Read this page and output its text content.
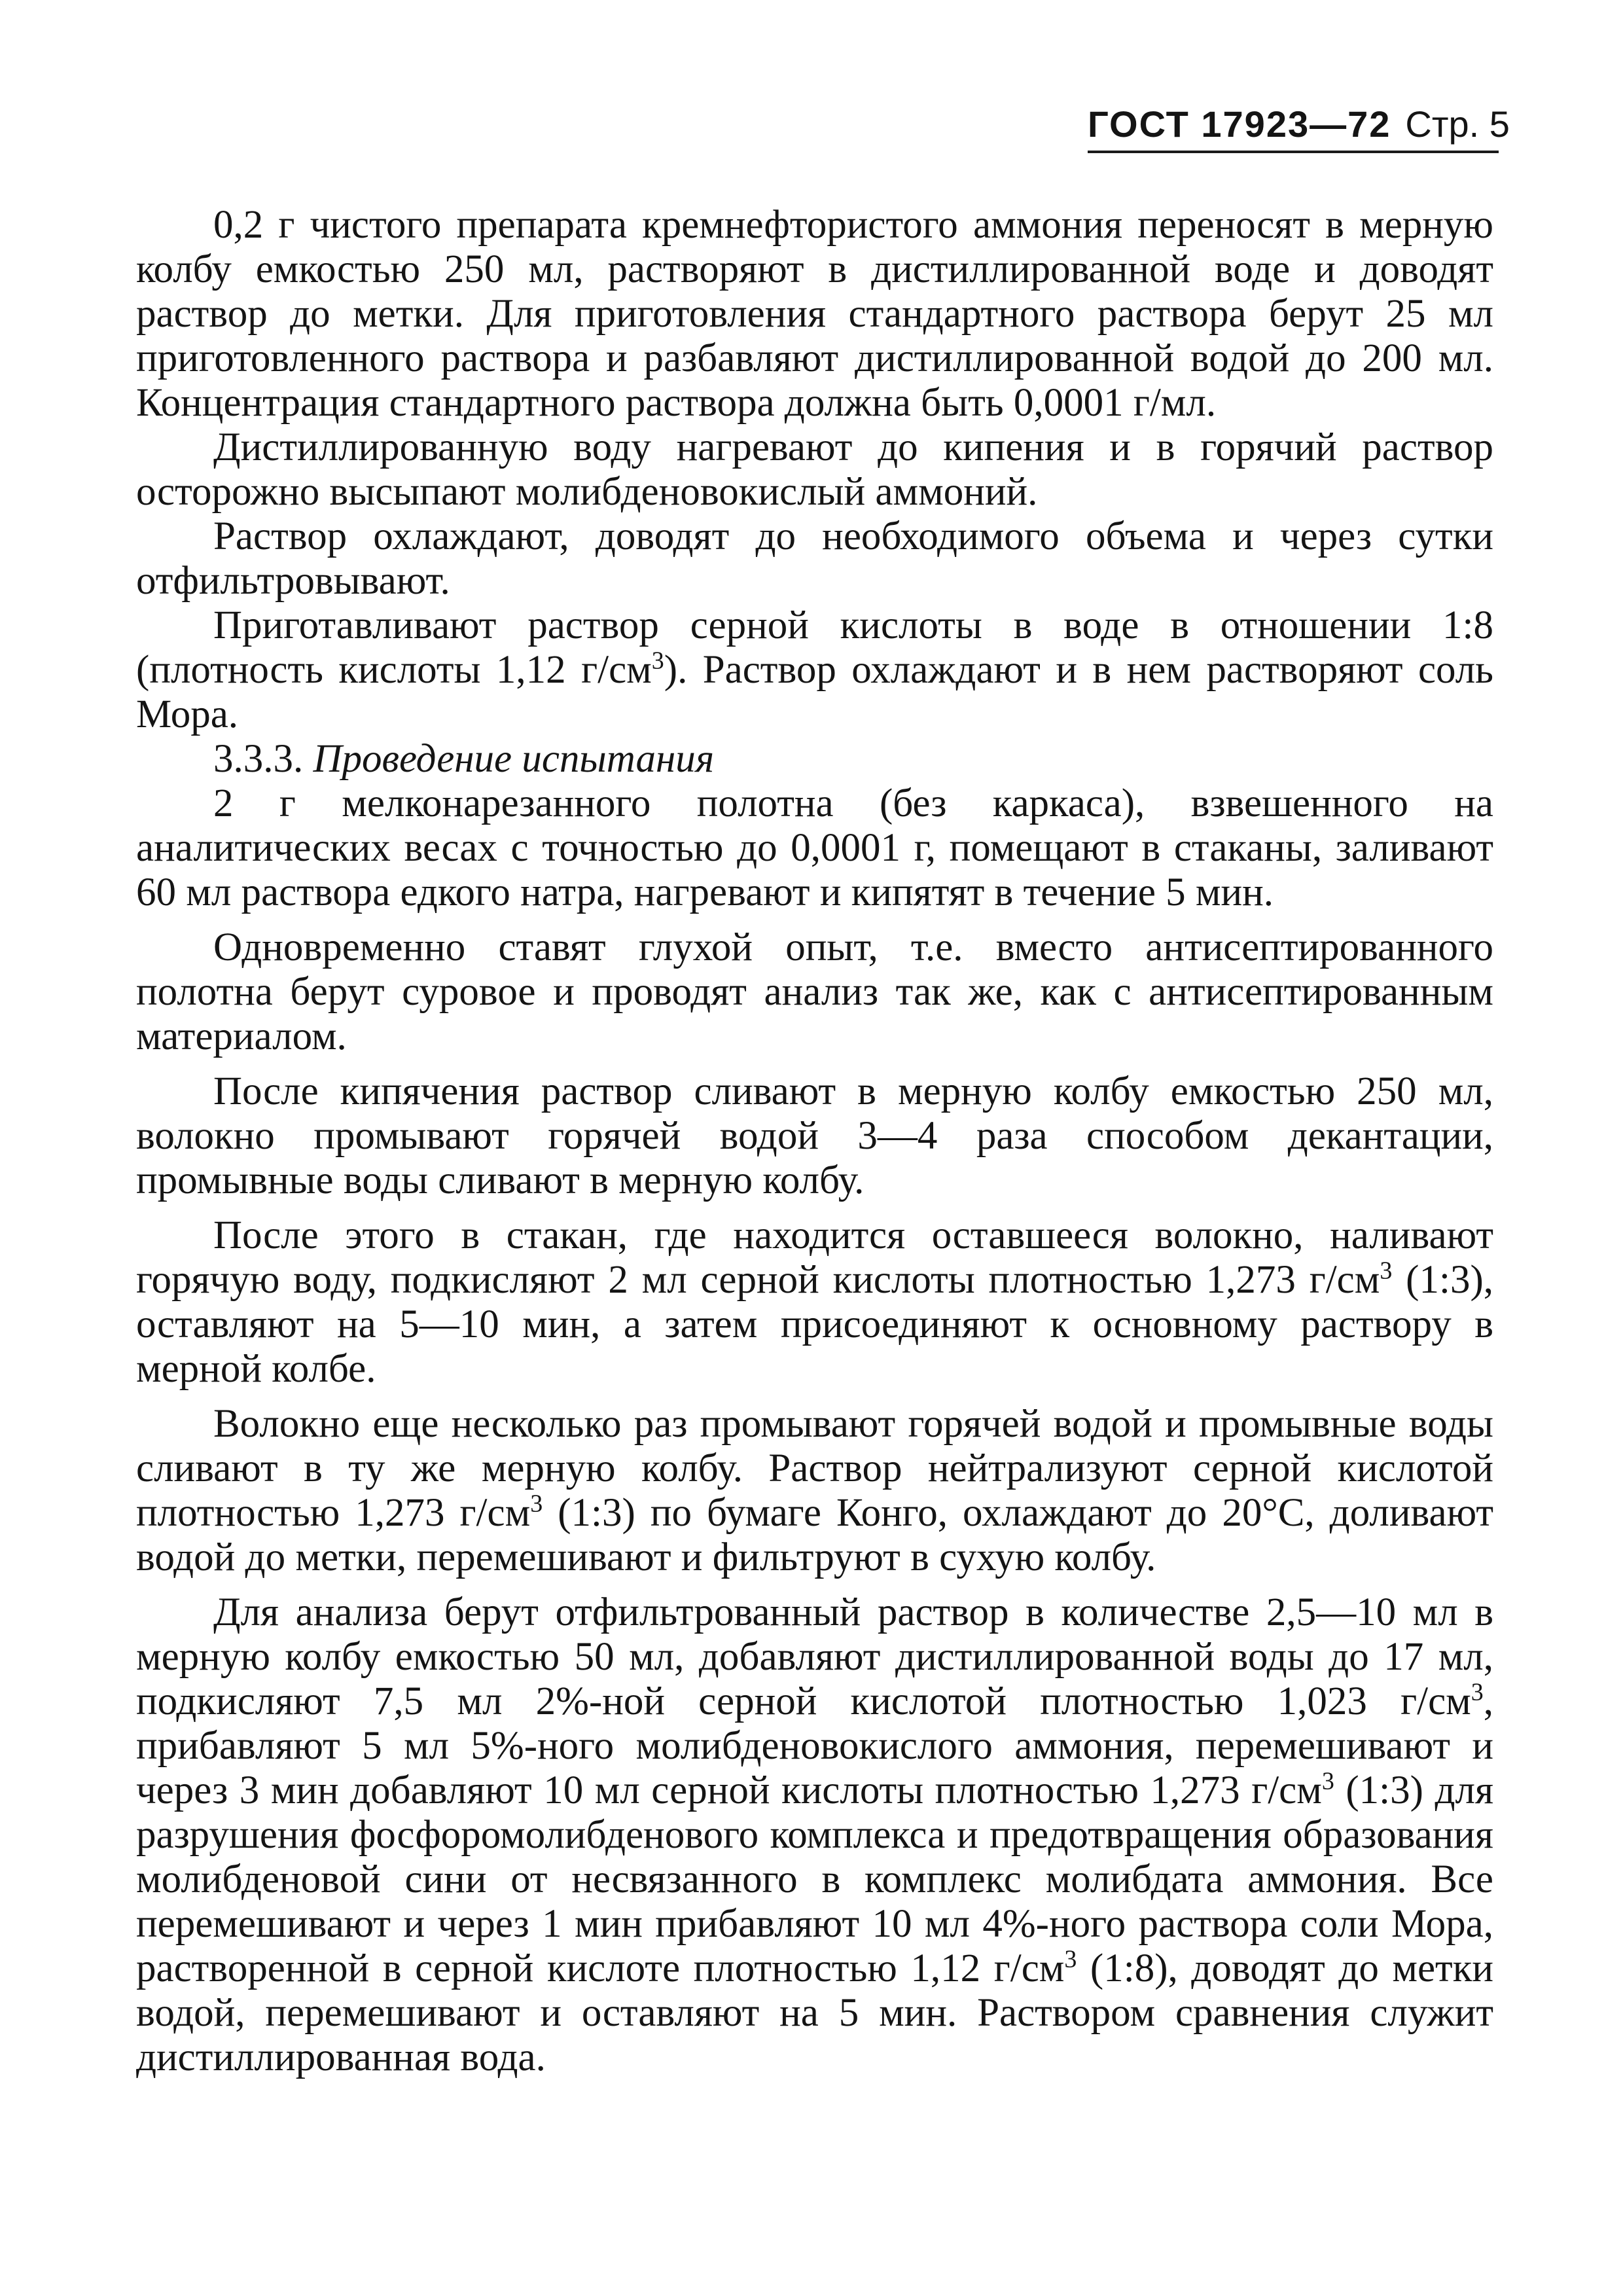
ГОСТ 17923—72 Стр. 5

0,2 г чистого препарата кремнефтористого аммония переносят в мерную колбу емкостью 250 мл, растворяют в дистиллированной воде и доводят раствор до метки. Для приготовления стандартного раствора берут 25 мл приготовленного раствора и разбавляют дистиллированной водой до 200 мл. Концентрация стандартного раствора должна быть 0,0001 г/мл.

Дистиллированную воду нагревают до кипения и в горячий раствор осторожно высыпают молибденовокислый аммоний.

Раствор охлаждают, доводят до необходимого объема и через сутки отфильтровывают.

Приготавливают раствор серной кислоты в воде в отношении 1:8 (плотность кислоты 1,12 $г/см^3$). Раствор охлаждают и в нем растворяют соль Мора.

3.3.3. Проведение испытания

2 г мелконарезанного полотна (без каркаса), взвешенного на аналитических весах с точностью до 0,0001 г, помещают в стаканы, заливают 60 мл раствора едкого натра, нагревают и кипятят в течение 5 мин.

Одновременно ставят глухой опыт, т.е. вместо антисептированного полотна берут суровое и проводят анализ так же, как с антисептированным материалом.

После кипячения раствор сливают в мерную колбу емкостью 250 мл, волокно промывают горячей водой 3—4 раза способом декантации, промывные воды сливают в мерную колбу.

После этого в стакан, где находится оставшееся волокно, наливают горячую воду, подкисляют 2 мл серной кислоты плотностью 1,273 $г/см^3$ (1:3), оставляют на 5—10 мин, а затем присоединяют к основному раствору в мерной колбе.

Волокно еще несколько раз промывают горячей водой и промывные воды сливают в ту же мерную колбу. Раствор нейтрализуют серной кислотой плотностью 1,273 $г/см^3$ (1:3) по бумаге Конго, охлаждают до 20°С, доливают водой до метки, перемешивают и фильтруют в сухую колбу.

Для анализа берут отфильтрованный раствор в количестве 2,5—10 мл в мерную колбу емкостью 50 мл, добавляют дистиллированной воды до 17 мл, подкисляют 7,5 мл 2%-ной серной кислотой плотностью 1,023 $г/см^3$, прибавляют 5 мл 5%-ного молибденовокислого аммония, перемешивают и через 3 мин добавляют 10 мл серной кислоты плотностью 1,273 $г/см^3$ (1:3) для разрушения фосфоромолибденового комплекса и предотвращения образования молибденовой сини от несвязанного в комплекс молибдата аммония. Все перемешивают и через 1 мин прибавляют 10 мл 4%-ного раствора соли Мора, растворенной в серной кислоте плотностью 1,12 $г/см^3$ (1:8), доводят до метки водой, перемешивают и оставляют на 5 мин. Раствором сравнения служит дистиллированная вода.
